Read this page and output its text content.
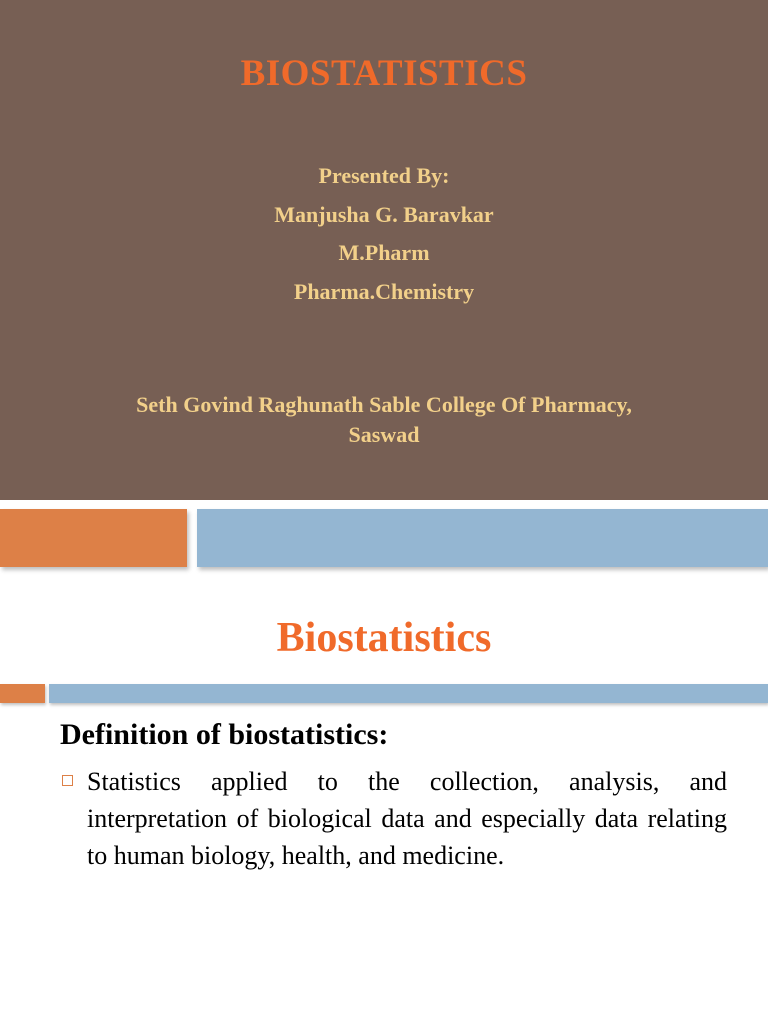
BIOSTATISTICS
Presented By:
Manjusha G. Baravkar
M.Pharm
Pharma.Chemistry
Seth Govind Raghunath Sable College Of Pharmacy,
Saswad
Biostatistics
Definition of biostatistics:
Statistics applied to the collection, analysis, and interpretation of biological data and especially data relating to human biology, health, and medicine.
